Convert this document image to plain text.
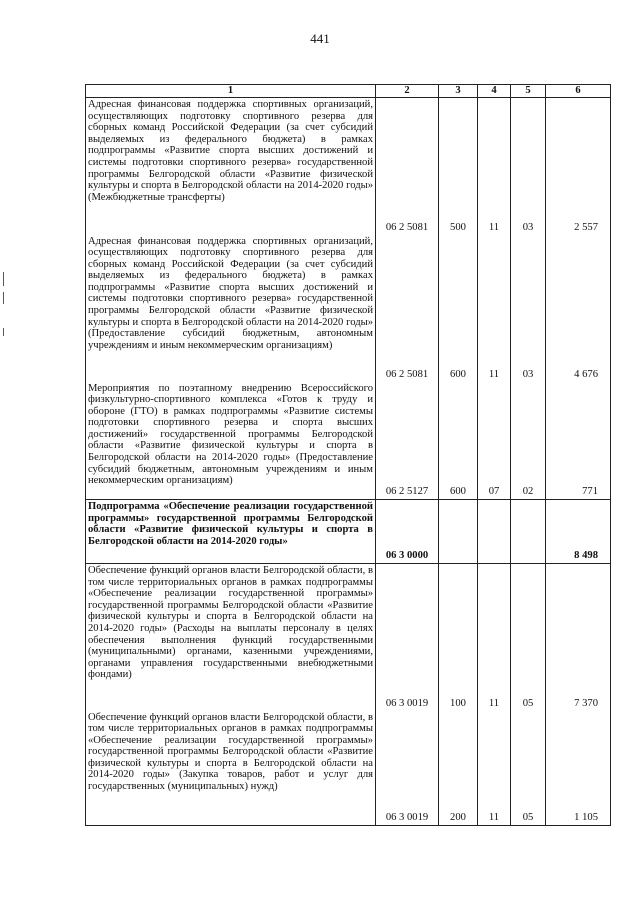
441
1	2	3	4	5	6
Адресная финансовая поддержка спортивных организаций, осуществляющих подготовку спортивного резерва для сборных команд Российской Федерации (за счет субсидий выделяемых из федерального бюджета) в рамках подпрограммы «Развитие спорта высших достижений и системы подготовки спортивного резерва» государственной программы Белгородской области «Развитие физической культуры и спорта в Белгородской области на 2014-2020 годы» (Межбюджетные трансферты)	06 2 5081	500	11	03	2 557
Адресная финансовая поддержка спортивных организаций, осуществляющих подготовку спортивного резерва для сборных команд Российской Федерации (за счет субсидий выделяемых из федерального бюджета) в рамках подпрограммы «Развитие спорта высших достижений и системы подготовки спортивного резерва» государственной программы Белгородской области «Развитие физической культуры и спорта в Белгородской области на 2014-2020 годы» (Предоставление субсидий бюджетным, автономным учреждениям и иным некоммерческим организациям)	06 2 5081	600	11	03	4 676
Мероприятия по поэтапному внедрению Всероссийского физкультурно-спортивного комплекса «Готов к труду и обороне (ГТО) в рамках подпрограммы «Развитие системы подготовки спортивного резерва и спорта высших достижений» государственной программы Белгородской области «Развитие физической культуры и спорта в Белгородской области на 2014-2020 годы» (Предоставление субсидий бюджетным, автономным учреждениям и иным некоммерческим организациям)	06 2 5127	600	07	02	771
Подпрограмма «Обеспечение реализации государственной программы» государственной программы Белгородской области «Развитие физической культуры и спорта в Белгородской области на 2014-2020 годы»	06 3 0000				8 498
Обеспечение функций органов власти Белгородской области, в том числе территориальных органов в рамках подпрограммы «Обеспечение реализации государственной программы» государственной программы Белгородской области «Развитие физической культуры и спорта в Белгородской области на 2014-2020 годы» (Расходы на выплаты персоналу в целях обеспечения выполнения функций государственными (муниципальными) органами, казенными учреждениями, органами управления государственными внебюджетными фондами)	06 3 0019	100	11	05	7 370
Обеспечение функций органов власти Белгородской области, в том числе территориальных органов в рамках подпрограммы «Обеспечение реализации государственной программы» государственной программы Белгородской области «Развитие физической культуры и спорта в Белгородской области на 2014-2020 годы» (Закупка товаров, работ и услуг для государственных (муниципальных) нужд)	06 3 0019	200	11	05	1 105
